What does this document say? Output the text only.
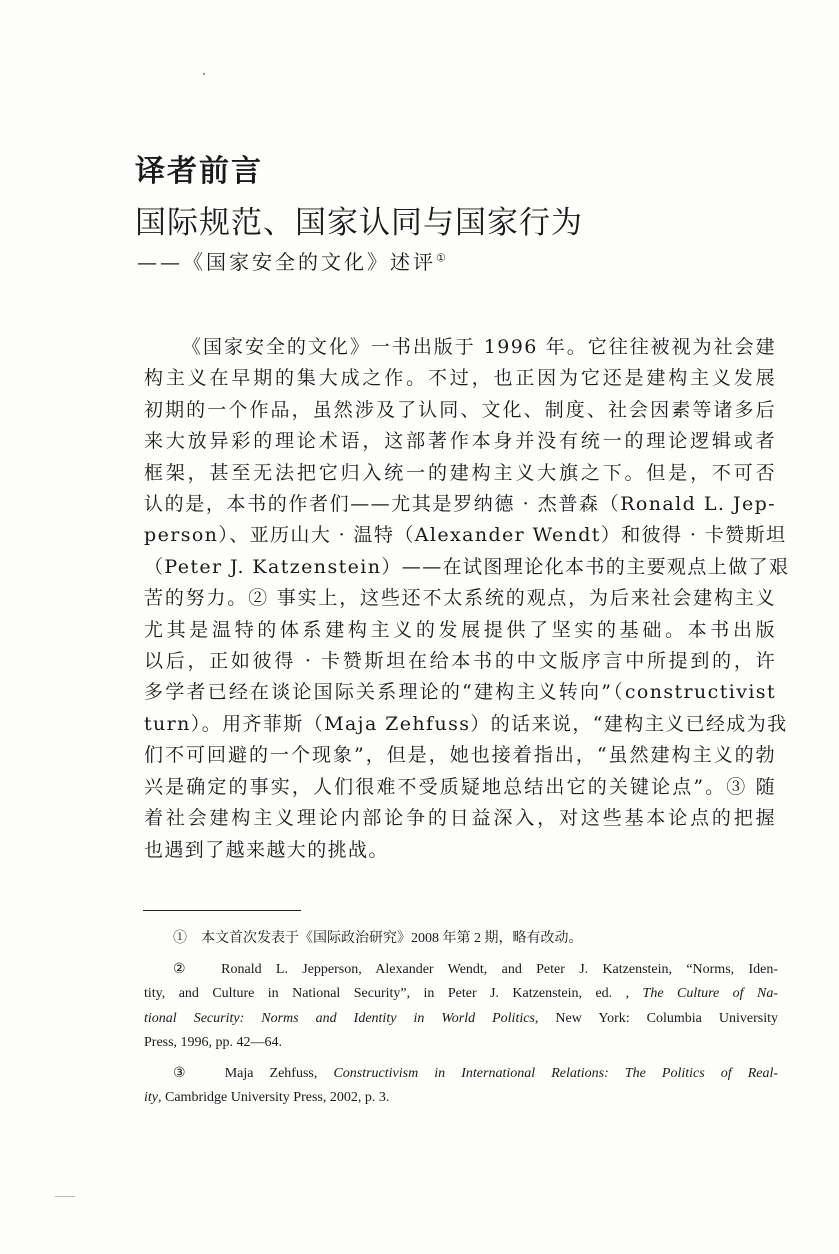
译者前言
国际规范、国家认同与国家行为
——《国家安全的文化》述评①
《国家安全的文化》一书出版于 1996 年。它往往被视为社会建
构主义在早期的集大成之作。不过，也正因为它还是建构主义发展
初期的一个作品，虽然涉及了认同、文化、制度、社会因素等诸多后
来大放异彩的理论术语，这部著作本身并没有统一的理论逻辑或者
框架，甚至无法把它归入统一的建构主义大旗之下。但是，不可否
认的是，本书的作者们——尤其是罗纳德 · 杰普森（Ronald L. Jep-
person）、亚历山大 · 温特（Alexander Wendt）和彼得 · 卡赞斯坦
（Peter J. Katzenstein）——在试图理论化本书的主要观点上做了艰
苦的努力。② 事实上，这些还不太系统的观点，为后来社会建构主义
尤其是温特的体系建构主义的发展提供了坚实的基础。本书出版
以后，正如彼得 · 卡赞斯坦在给本书的中文版序言中所提到的，许
多学者已经在谈论国际关系理论的“建构主义转向”（constructivist
turn）。用齐菲斯（Maja Zehfuss）的话来说，“建构主义已经成为我
们不可回避的一个现象”，但是，她也接着指出，“虽然建构主义的勃
兴是确定的事实，人们很难不受质疑地总结出它的关键论点”。③ 随
着社会建构主义理论内部论争的日益深入，对这些基本论点的把握
也遇到了越来越大的挑战。
①　本文首次发表于《国际政治研究》2008 年第 2 期，略有改动。
②　Ronald L. Jepperson, Alexander Wendt, and Peter J. Katzenstein, “Norms, Iden-
tity, and Culture in National Security”, in Peter J. Katzenstein, ed. , The Culture of Na-
tional Security: Norms and Identity in World Politics, New York: Columbia University
Press, 1996, pp. 42—64.
③　Maja Zehfuss, Constructivism in International Relations: The Politics of Real-
ity, Cambridge University Press, 2002, p. 3.
